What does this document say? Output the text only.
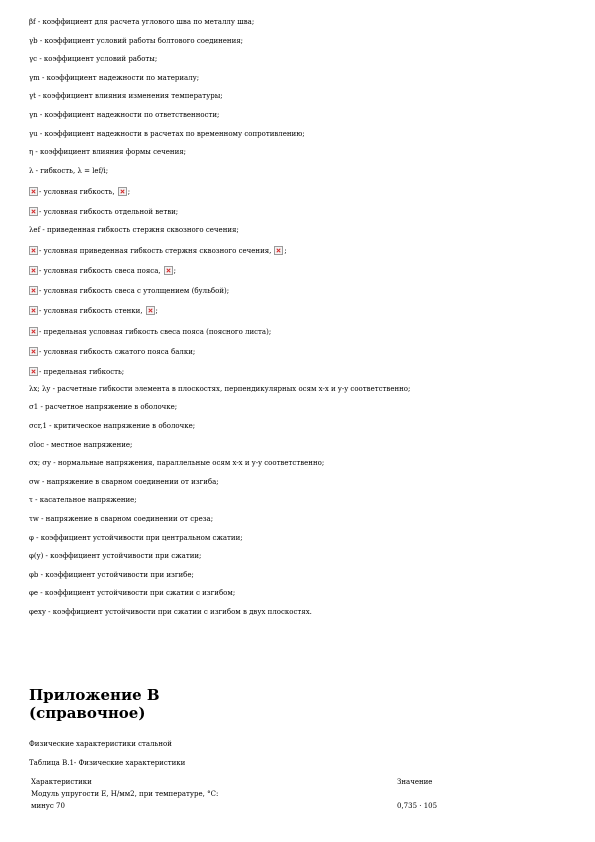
βf - коэффициент для расчета углового шва по металлу шва;
γb - коэффициент условий работы болтового соединения;
γc - коэффициент условий работы;
γm - коэффициент надежности по материалу;
γt - коэффициент влияния изменения температуры;
γn - коэффициент надежности по ответственности;
γu - коэффициент надежности в расчетах по временному сопротивлению;
η - коэффициент влияния формы сечения;
λ - гибкость, λ = lef/i;
- условная гибкость, ;
- условная гибкость отдельной ветви;
λef - приведенная гибкость стержня сквозного сечения;
- условная приведенная гибкость стержня сквозного сечения, ;
- условная гибкость свеса пояса, ;
- условная гибкость свеса с утолщением (бульбой);
- условная гибкость стенки, ;
- предельная условная гибкость свеса пояса (поясного листа);
- условная гибкость сжатого пояса балки;
- предельная гибкость;
λx; λy - расчетные гибкости элемента в плоскостях, перпендикулярных осям x-x и y-y соответственно;
σ1 - расчетное напряжение в оболочке;
σcr,1 - критическое напряжение в оболочке;
σloc - местное напряжение;
σx; σy - нормальные напряжения, параллельные осям x-x и y-y соответственно;
σw - напряжение в сварном соединении от изгиба;
τ - касательное напряжение;
τw - напряжение в сварном соединении от среза;
φ - коэффициент устойчивости при центральном сжатии;
φ(y) - коэффициент устойчивости при сжатии;
φb - коэффициент устойчивости при изгибе;
φe - коэффициент устойчивости при сжатии с изгибом;
φexy - коэффициент устойчивости при сжатии с изгибом в двух плоскостях.
Приложение В
(справочное)
Физические характеристики стальной
Таблица В.1- Физические характеристики
Характеристики	Значение
Модуль упругости E, Н/мм2, при температуре, °С:
минус 70	0,735 · 105
